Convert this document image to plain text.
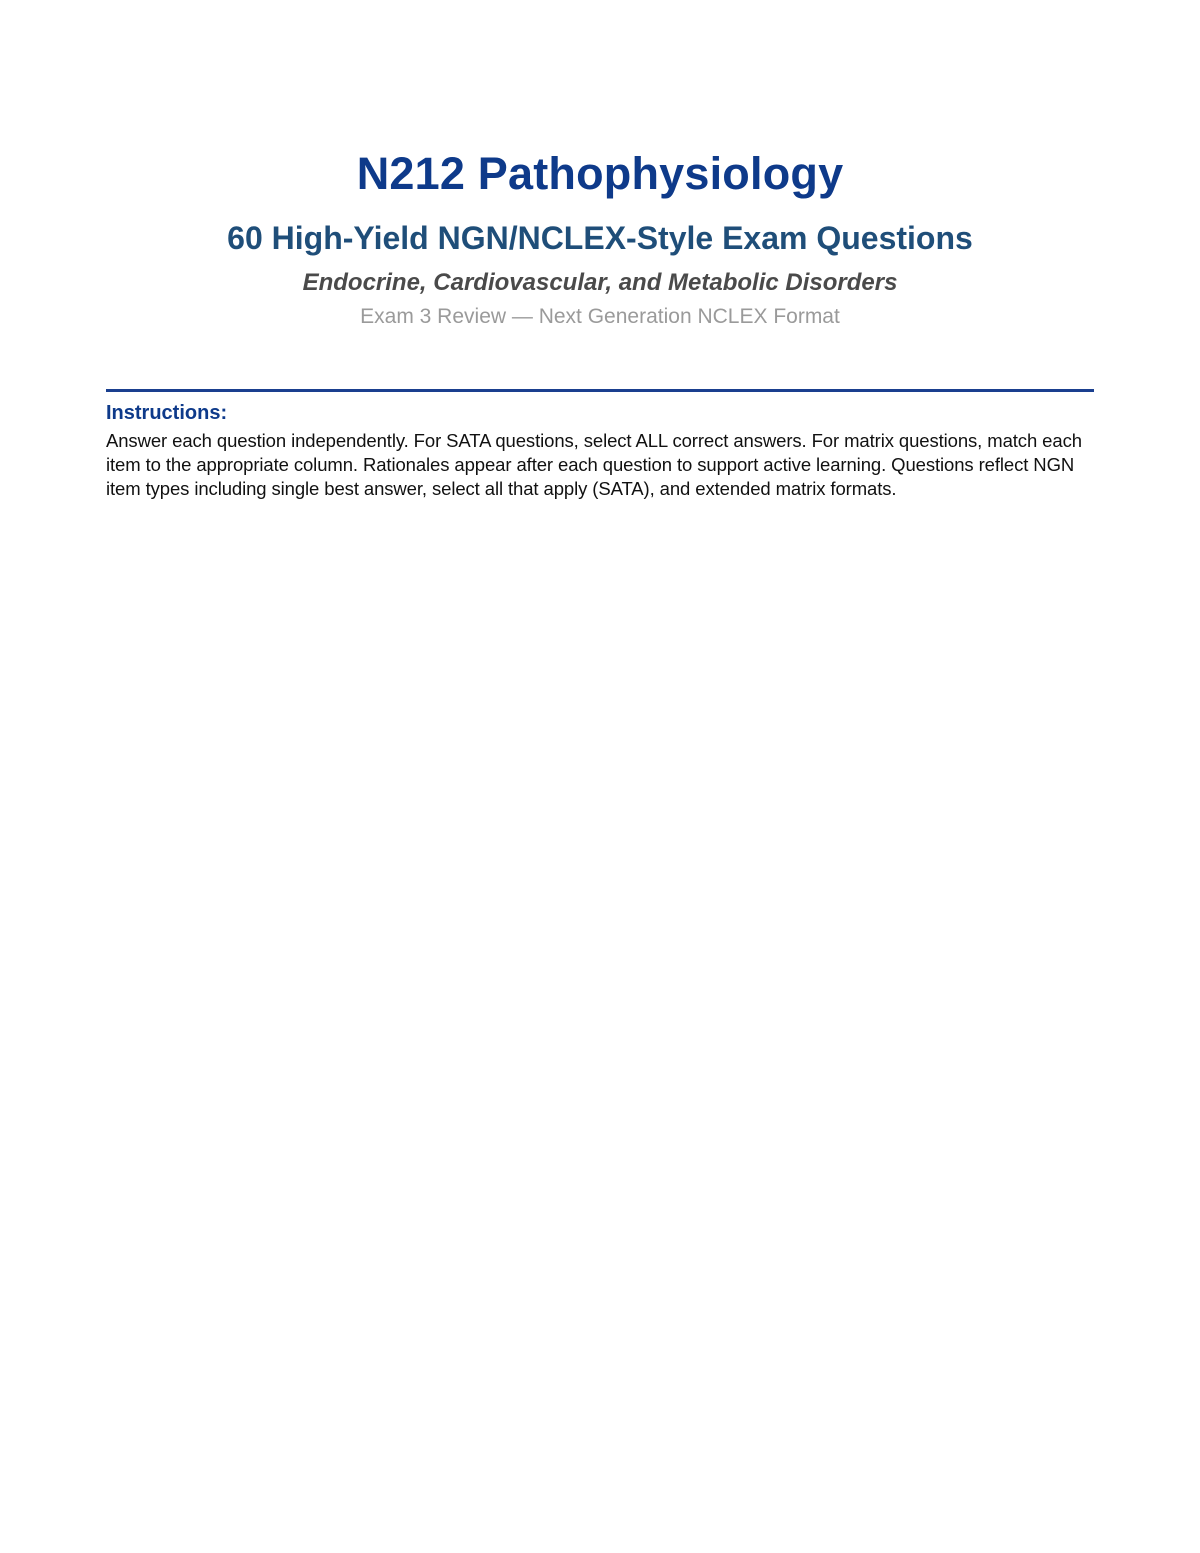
N212 Pathophysiology
60 High-Yield NGN/NCLEX-Style Exam Questions

Endocrine, Cardiovascular, and Metabolic Disorders

Exam 3 Review — Next Generation NCLEX Format

Instructions:

Answer each question independently. For SATA questions, select ALL correct answers. For matrix questions, match each item to the appropriate column. Rationales appear after each question to support active learning. Questions reflect NGN item types including single best answer, select all that apply (SATA), and extended matrix formats.
